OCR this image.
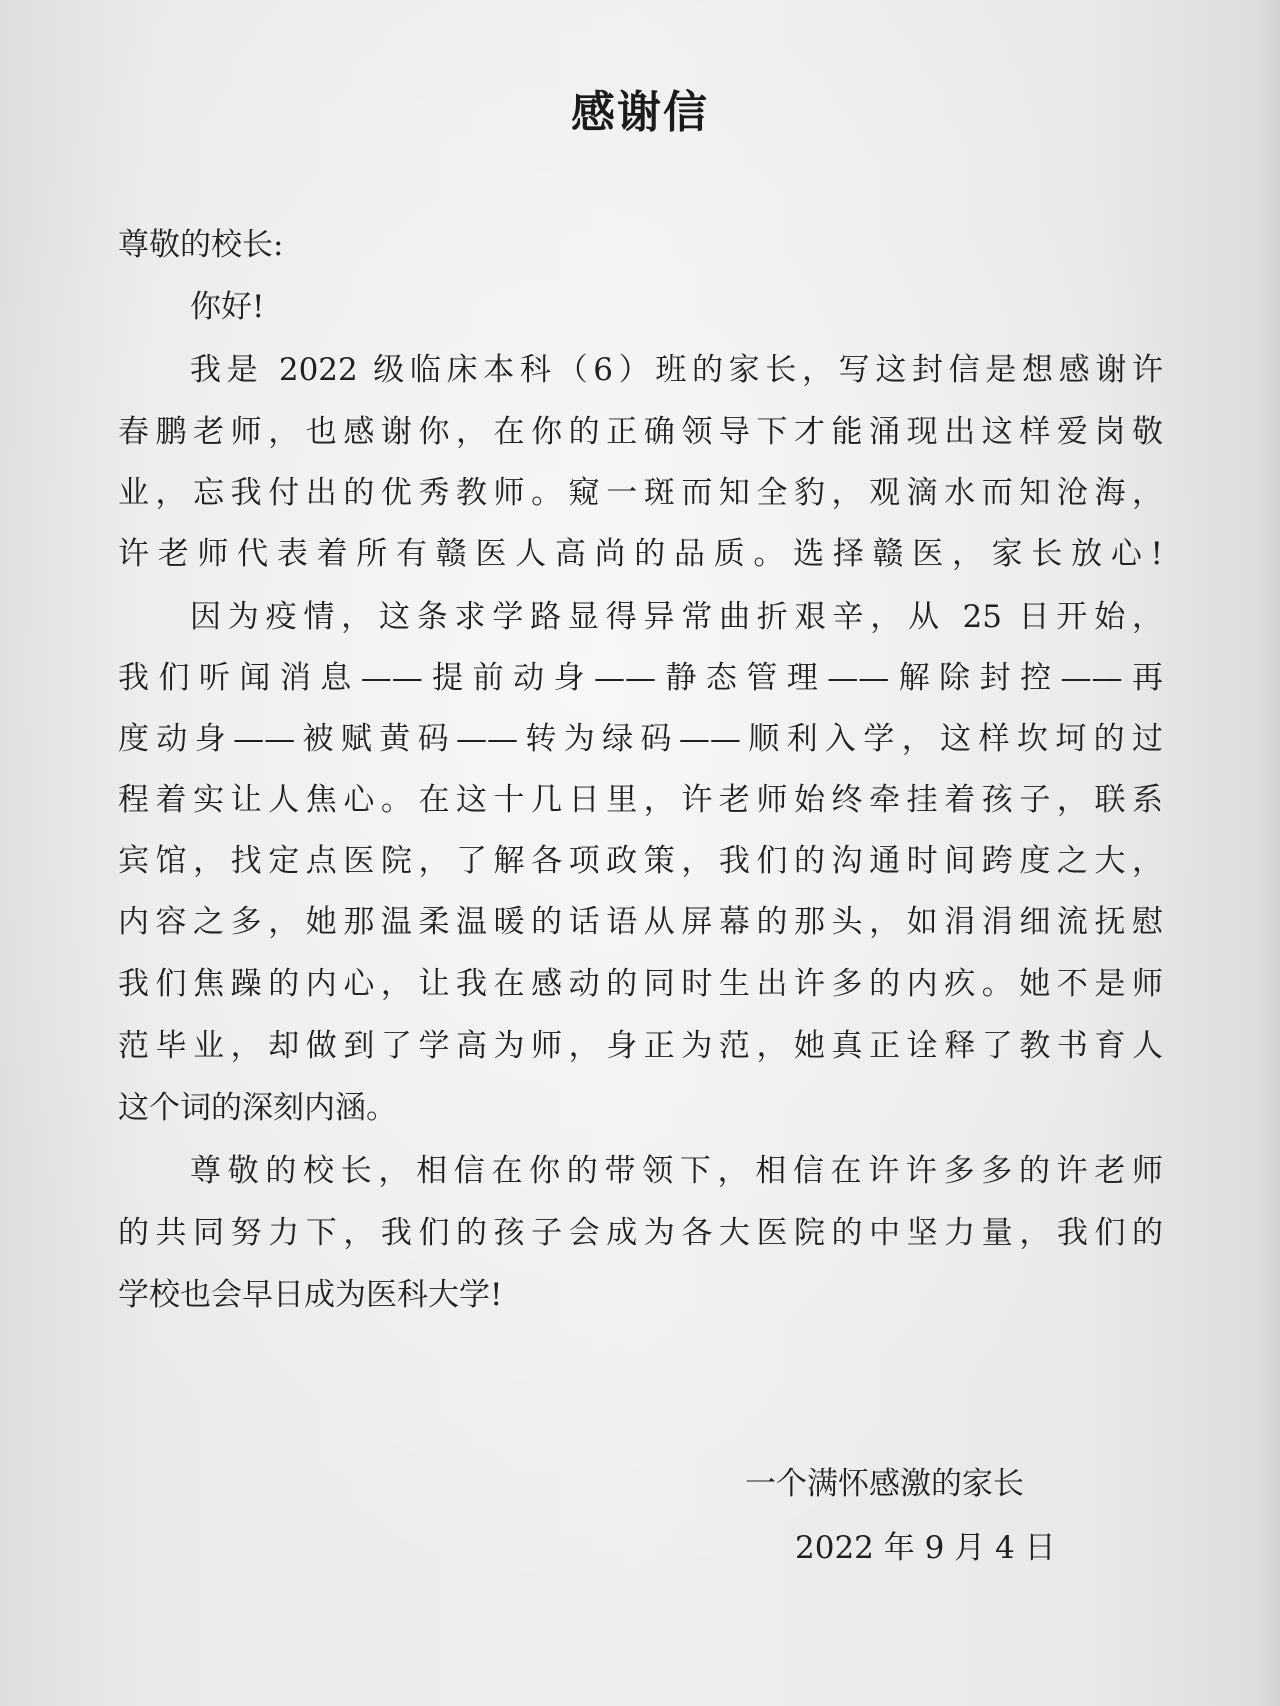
感谢信
尊敬的校长:
你好!
我是 2022 级临床本科（6）班的家长，写这封信是想感谢许
春鹏老师，也感谢你，在你的正确领导下才能涌现出这样爱岗敬
业，忘我付出的优秀教师。窥一斑而知全豹，观滴水而知沧海，
许老师代表着所有赣医人高尚的品质。选择赣医，家长放心!
因为疫情，这条求学路显得异常曲折艰辛，从 25 日开始，
我们听闻消息——提前动身——静态管理——解除封控——再
度动身——被赋黄码——转为绿码——顺利入学，这样坎坷的过
程着实让人焦心。在这十几日里，许老师始终牵挂着孩子，联系
宾馆，找定点医院，了解各项政策，我们的沟通时间跨度之大，
内容之多，她那温柔温暖的话语从屏幕的那头，如涓涓细流抚慰
我们焦躁的内心，让我在感动的同时生出许多的内疚。她不是师
范毕业，却做到了学高为师，身正为范，她真正诠释了教书育人
这个词的深刻内涵。
尊敬的校长，相信在你的带领下，相信在许许多多的许老师
的共同努力下，我们的孩子会成为各大医院的中坚力量，我们的
学校也会早日成为医科大学!
一个满怀感激的家长
2022 年 9 月 4 日
